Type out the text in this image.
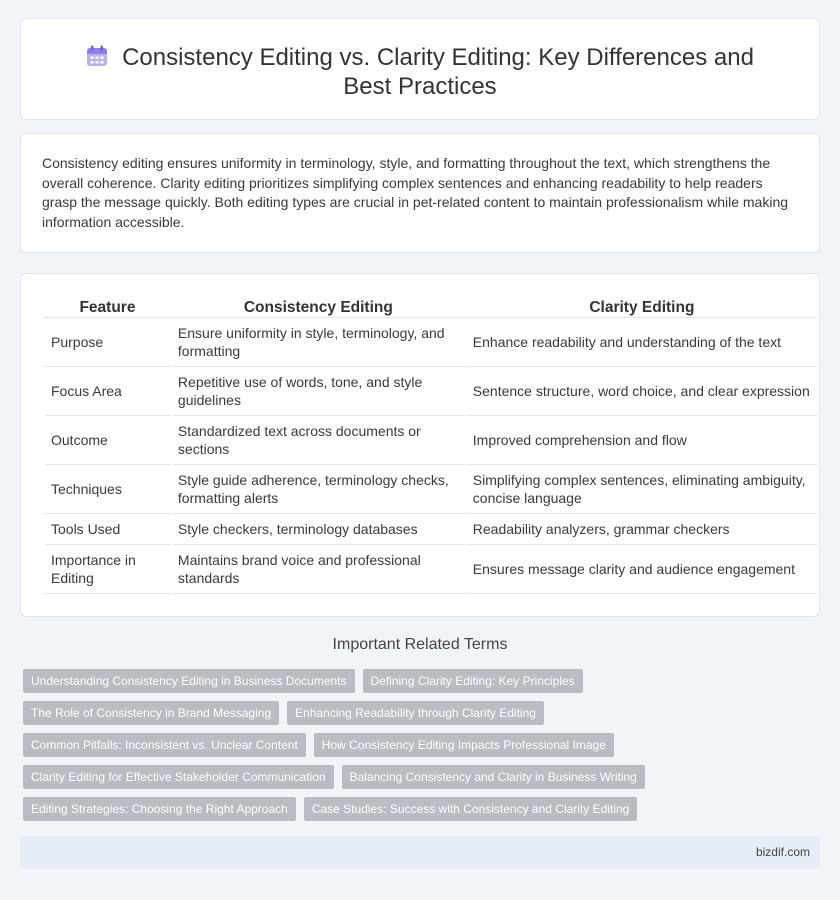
Consistency Editing vs. Clarity Editing: Key Differences and Best Practices

Consistency editing ensures uniformity in terminology, style, and formatting throughout the text, which strengthens the overall coherence. Clarity editing prioritizes simplifying complex sentences and enhancing readability to help readers grasp the message quickly. Both editing types are crucial in pet-related content to maintain professionalism while making information accessible.

Feature	Consistency Editing	Clarity Editing
Purpose	Ensure uniformity in style, terminology, and formatting	Enhance readability and understanding of the text
Focus Area	Repetitive use of words, tone, and style guidelines	Sentence structure, word choice, and clear expression
Outcome	Standardized text across documents or sections	Improved comprehension and flow
Techniques	Style guide adherence, terminology checks, formatting alerts	Simplifying complex sentences, eliminating ambiguity, concise language
Tools Used	Style checkers, terminology databases	Readability analyzers, grammar checkers
Importance in Editing	Maintains brand voice and professional standards	Ensures message clarity and audience engagement
Important Related Terms
Understanding Consistency Editing in Business Documents	Defining Clarity Editing: Key Principles
The Role of Consistency in Brand Messaging	Enhancing Readability through Clarity Editing
Common Pitfalls: Inconsistent vs. Unclear Content	How Consistency Editing Impacts Professional Image
Clarity Editing for Effective Stakeholder Communication	Balancing Consistency and Clarity in Business Writing
Editing Strategies: Choosing the Right Approach	Case Studies: Success with Consistency and Clarity Editing
bizdif.com
